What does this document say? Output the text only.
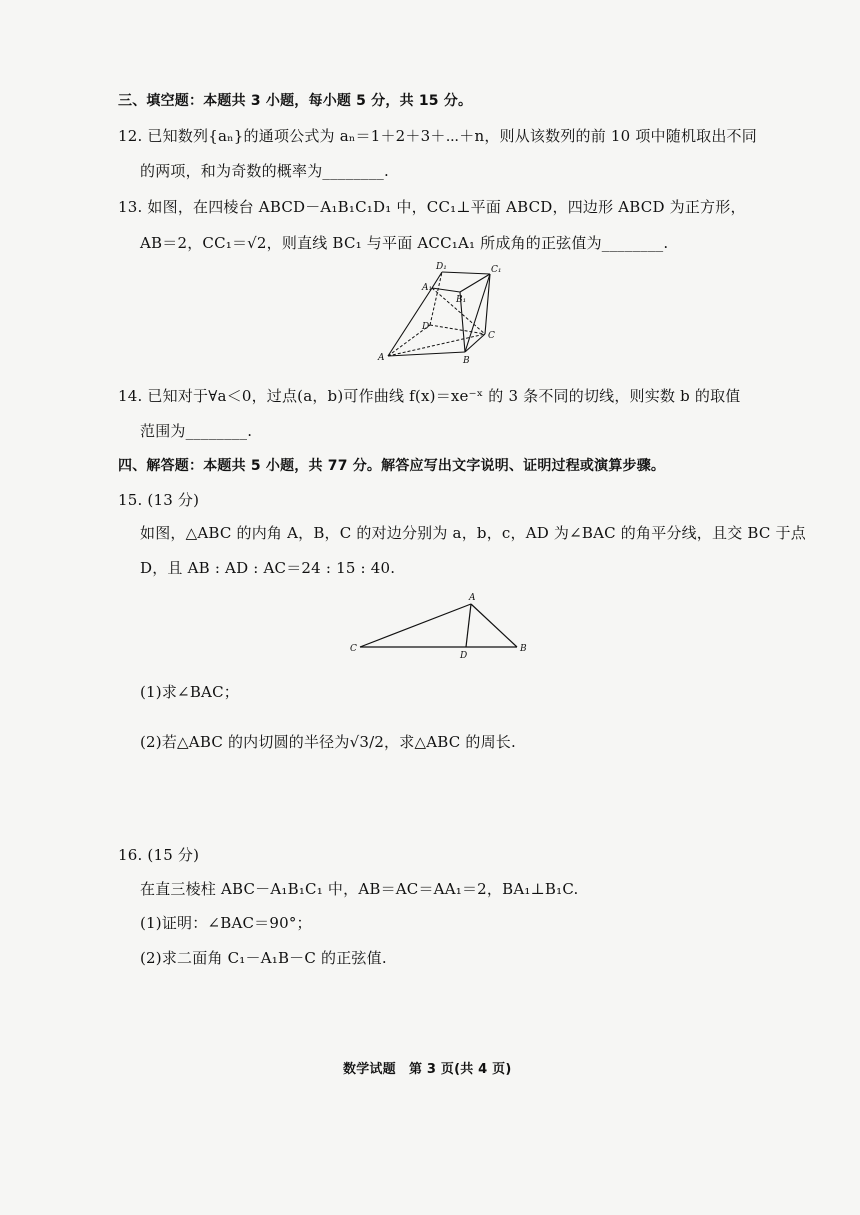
三、填空题：本题共 3 小题，每小题 5 分，共 15 分。
12. 已知数列{aₙ}的通项公式为 aₙ＝1＋2＋3＋⋯＋n，则从该数列的前 10 项中随机取出不同
的两项，和为奇数的概率为________.
13. 如图，在四棱台 ABCD－A₁B₁C₁D₁ 中，CC₁⊥平面 ABCD，四边形 ABCD 为正方形，
AB＝2，CC₁＝√2，则直线 BC₁ 与平面 ACC₁A₁ 所成角的正弦值为________.
D₁	C₁
A₁
B₁
D
C
A	B
14. 已知对于∀a＜0，过点(a，b)可作曲线 f(x)＝xe⁻ˣ 的 3 条不同的切线，则实数 b 的取值
范围为________.
四、解答题：本题共 5 小题，共 77 分。解答应写出文字说明、证明过程或演算步骤。
15. (13 分)
如图，△ABC 的内角 A，B，C 的对边分别为 a，b，c，AD 为∠BAC 的角平分线，且交 BC 于点
D，且 AB : AD : AC＝24 : 15 : 40.
A
B
C
D
(1)求∠BAC；
(2)若△ABC 的内切圆的半径为√3/2，求△ABC 的周长.
16. (15 分)
在直三棱柱 ABC－A₁B₁C₁ 中，AB＝AC＝AA₁＝2，BA₁⊥B₁C.
(1)证明：∠BAC＝90°；
(2)求二面角 C₁－A₁B－C 的正弦值.
数学试题　第 3 页(共 4 页)
